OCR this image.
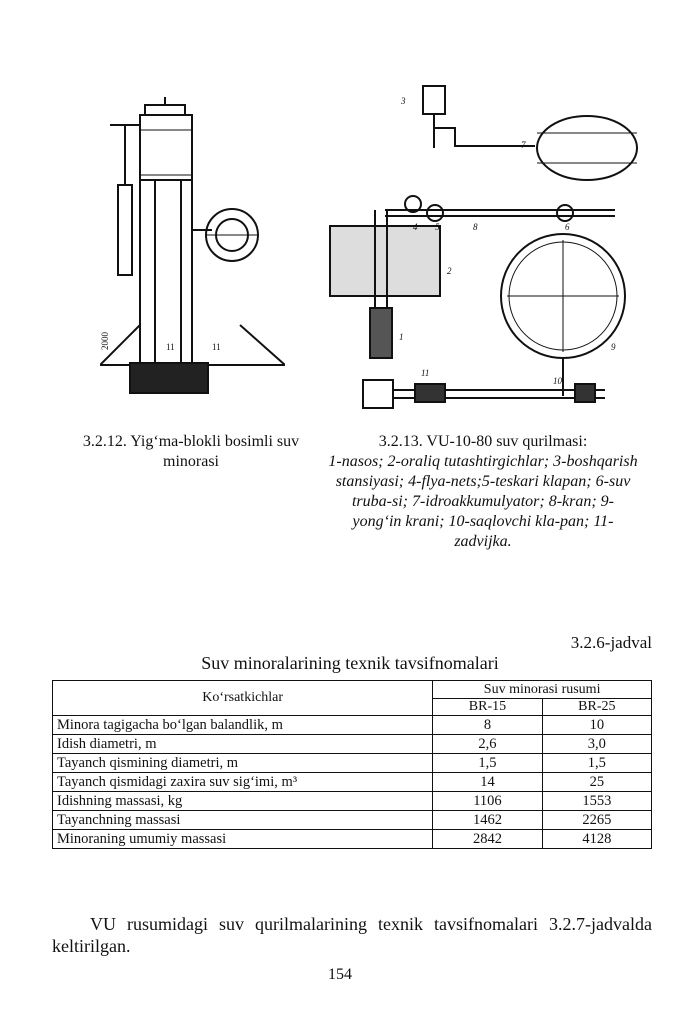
2000	11	11
3
7
4 5	8	6
2
1
9
10
11
3.2.12. Yig‘ma-blokli bosimli suv minorasi
3.2.13. VU-10-80 suv qurilmasi:
1-nasos; 2-oraliq tutashtirgichlar; 3-boshqarish stansiyasi; 4-flya-nets;5-teskari klapan; 6-suv truba-si; 7-idroakkumulyator; 8-kran; 9-yong‘in krani; 10-saqlovchi kla-pan; 11-zadvijka.
3.2.6-jadval
Suv minoralarining texnik tavsifnomalari
Ko‘rsatkichlar	Suv minorasi rusumi	
	BR-15	BR-25
Minora tagigacha bo‘lgan balandlik, m	8	10
Idish diametri, m	2,6	3,0
Tayanch qismining diametri, m	1,5	1,5
Tayanch qismidagi zaxira suv sig‘imi, m³	14	25
Idishning massasi, kg	1106	1553
Tayanchning massasi	1462	2265
Minoraning umumiy massasi	2842	4128
VU rusumidagi suv qurilmalarining texnik tavsifnomalari 3.2.7-jadvalda keltirilgan.
154
